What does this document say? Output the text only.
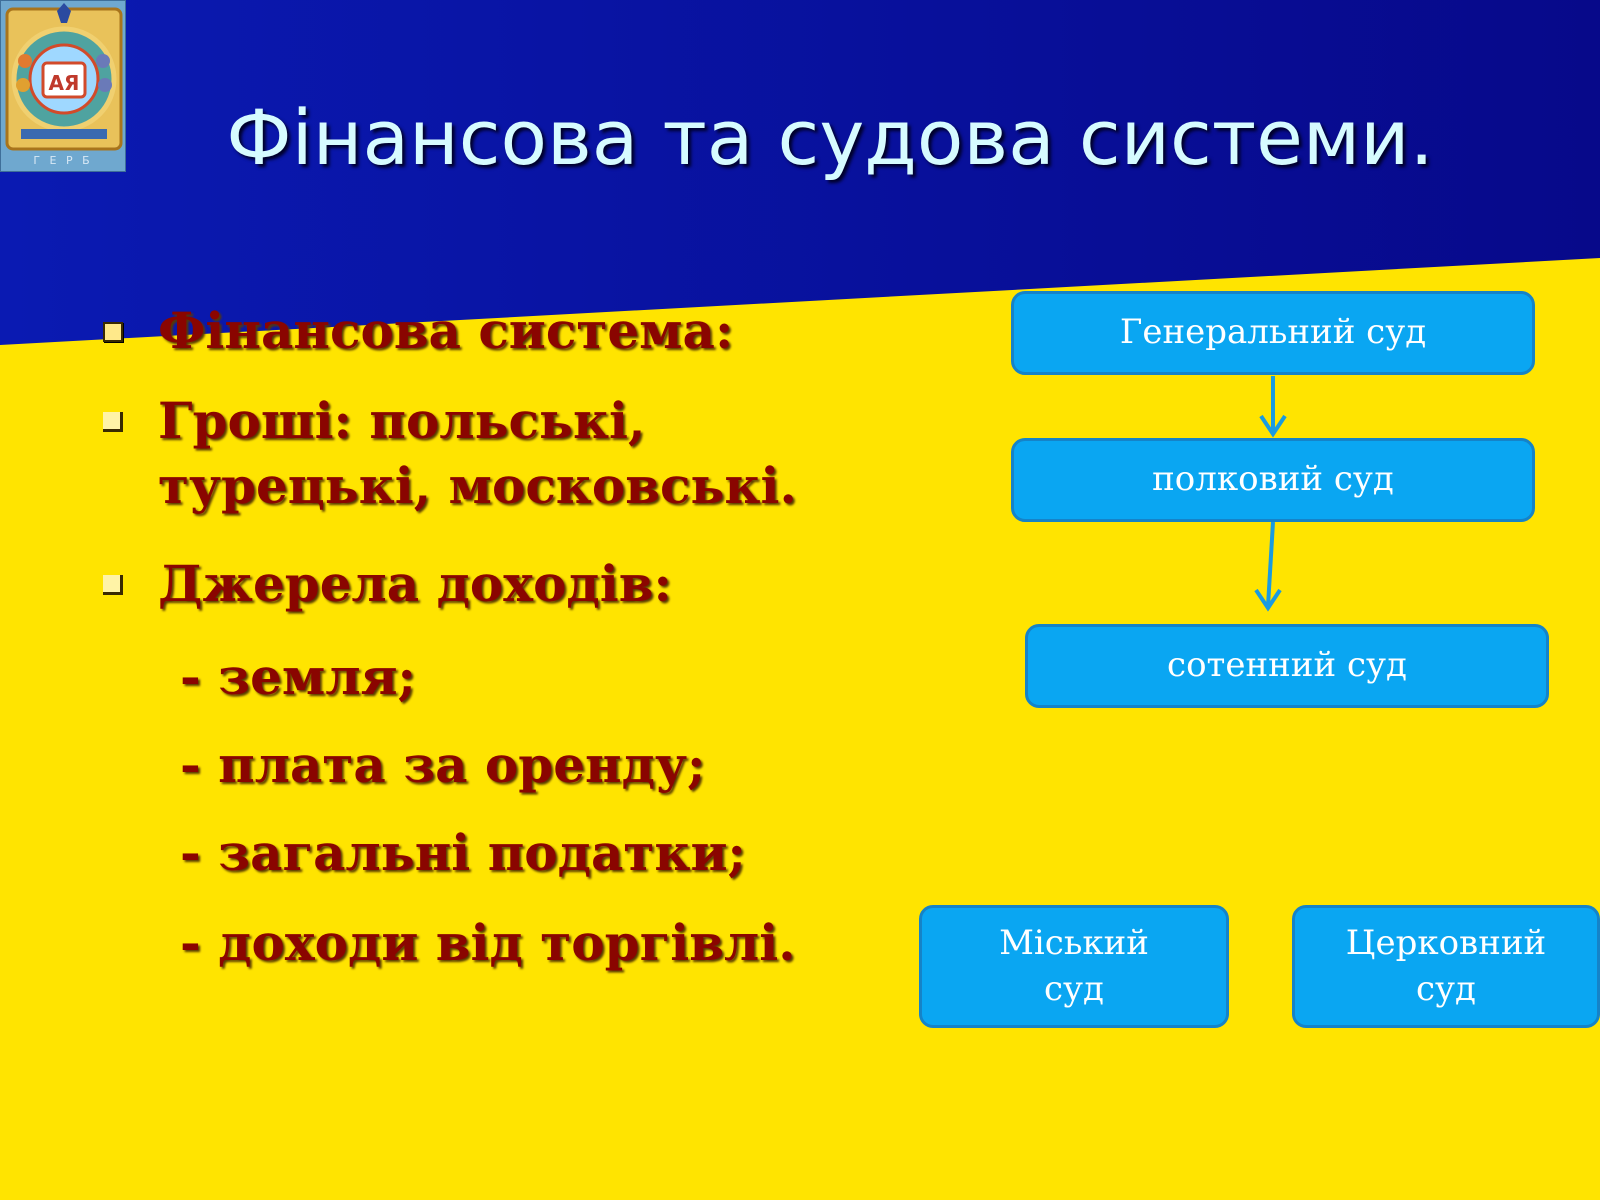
АЯ
Г Е Р Б	Фінансова та судова системи.
Фінансова система:
Гроші: польські,
турецькі, московські.
Джерела доходів:
- земля;
- плата за оренду;
- загальні податки;
- доходи від торгівлі.
Генеральний суд
полковий суд
сотенний суд
Міський
суд
Церковний
суд
